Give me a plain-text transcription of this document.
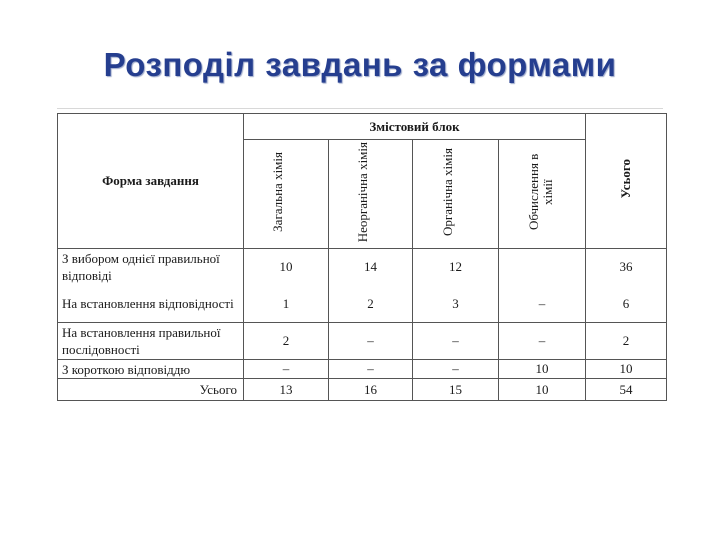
Розподіл завдань за формами
Форма завдання	Змістовий блок				Усього
	Загальна хімія	Неорганічна хімія	Органічна хімія	Обчислення в хімії	
З вибором однієї правильної відповіді	10	14	12		36
На встановлення відповідності	1	2	3	–	6
На встановлення правильної послідовності	2	–	–	–	2
З короткою відповіддю	–	–	–	10	10
Усього	13	16	15	10	54
